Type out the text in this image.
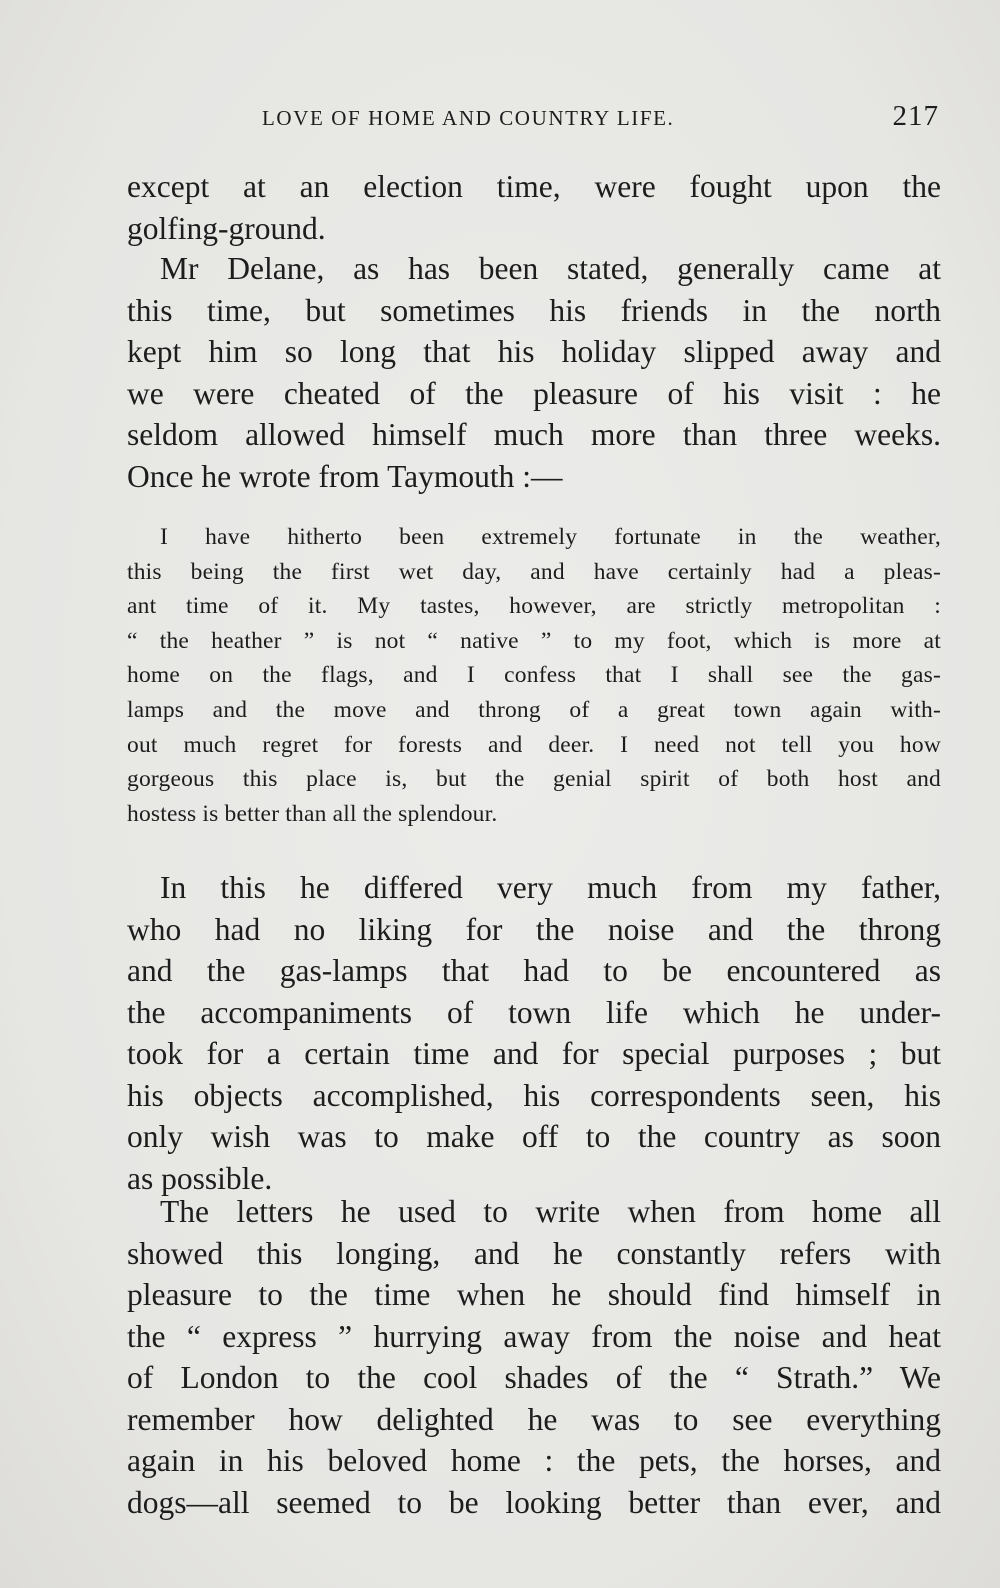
LOVE OF HOME AND COUNTRY LIFE.	217

except at an election time, were fought upon the
golfing-ground.

Mr Delane, as has been stated, generally came at
this time, but sometimes his friends in the north
kept him so long that his holiday slipped away and
we were cheated of the pleasure of his visit : he
seldom allowed himself much more than three weeks.
Once he wrote from Taymouth :—

I have hitherto been extremely fortunate in the weather,
this being the first wet day, and have certainly had a pleas-
ant time of it. My tastes, however, are strictly metropolitan :
“ the heather ” is not “ native ” to my foot, which is more at
home on the flags, and I confess that I shall see the gas-
lamps and the move and throng of a great town again with-
out much regret for forests and deer. I need not tell you how
gorgeous this place is, but the genial spirit of both host and
hostess is better than all the splendour.

In this he differed very much from my father,
who had no liking for the noise and the throng
and the gas-lamps that had to be encountered as
the accompaniments of town life which he under-
took for a certain time and for special purposes ; but
his objects accomplished, his correspondents seen, his
only wish was to make off to the country as soon
as possible.

The letters he used to write when from home all
showed this longing, and he constantly refers with
pleasure to the time when he should find himself in
the “ express ” hurrying away from the noise and heat
of London to the cool shades of the “ Strath.” We
remember how delighted he was to see everything
again in his beloved home : the pets, the horses, and
dogs—all seemed to be looking better than ever, and
